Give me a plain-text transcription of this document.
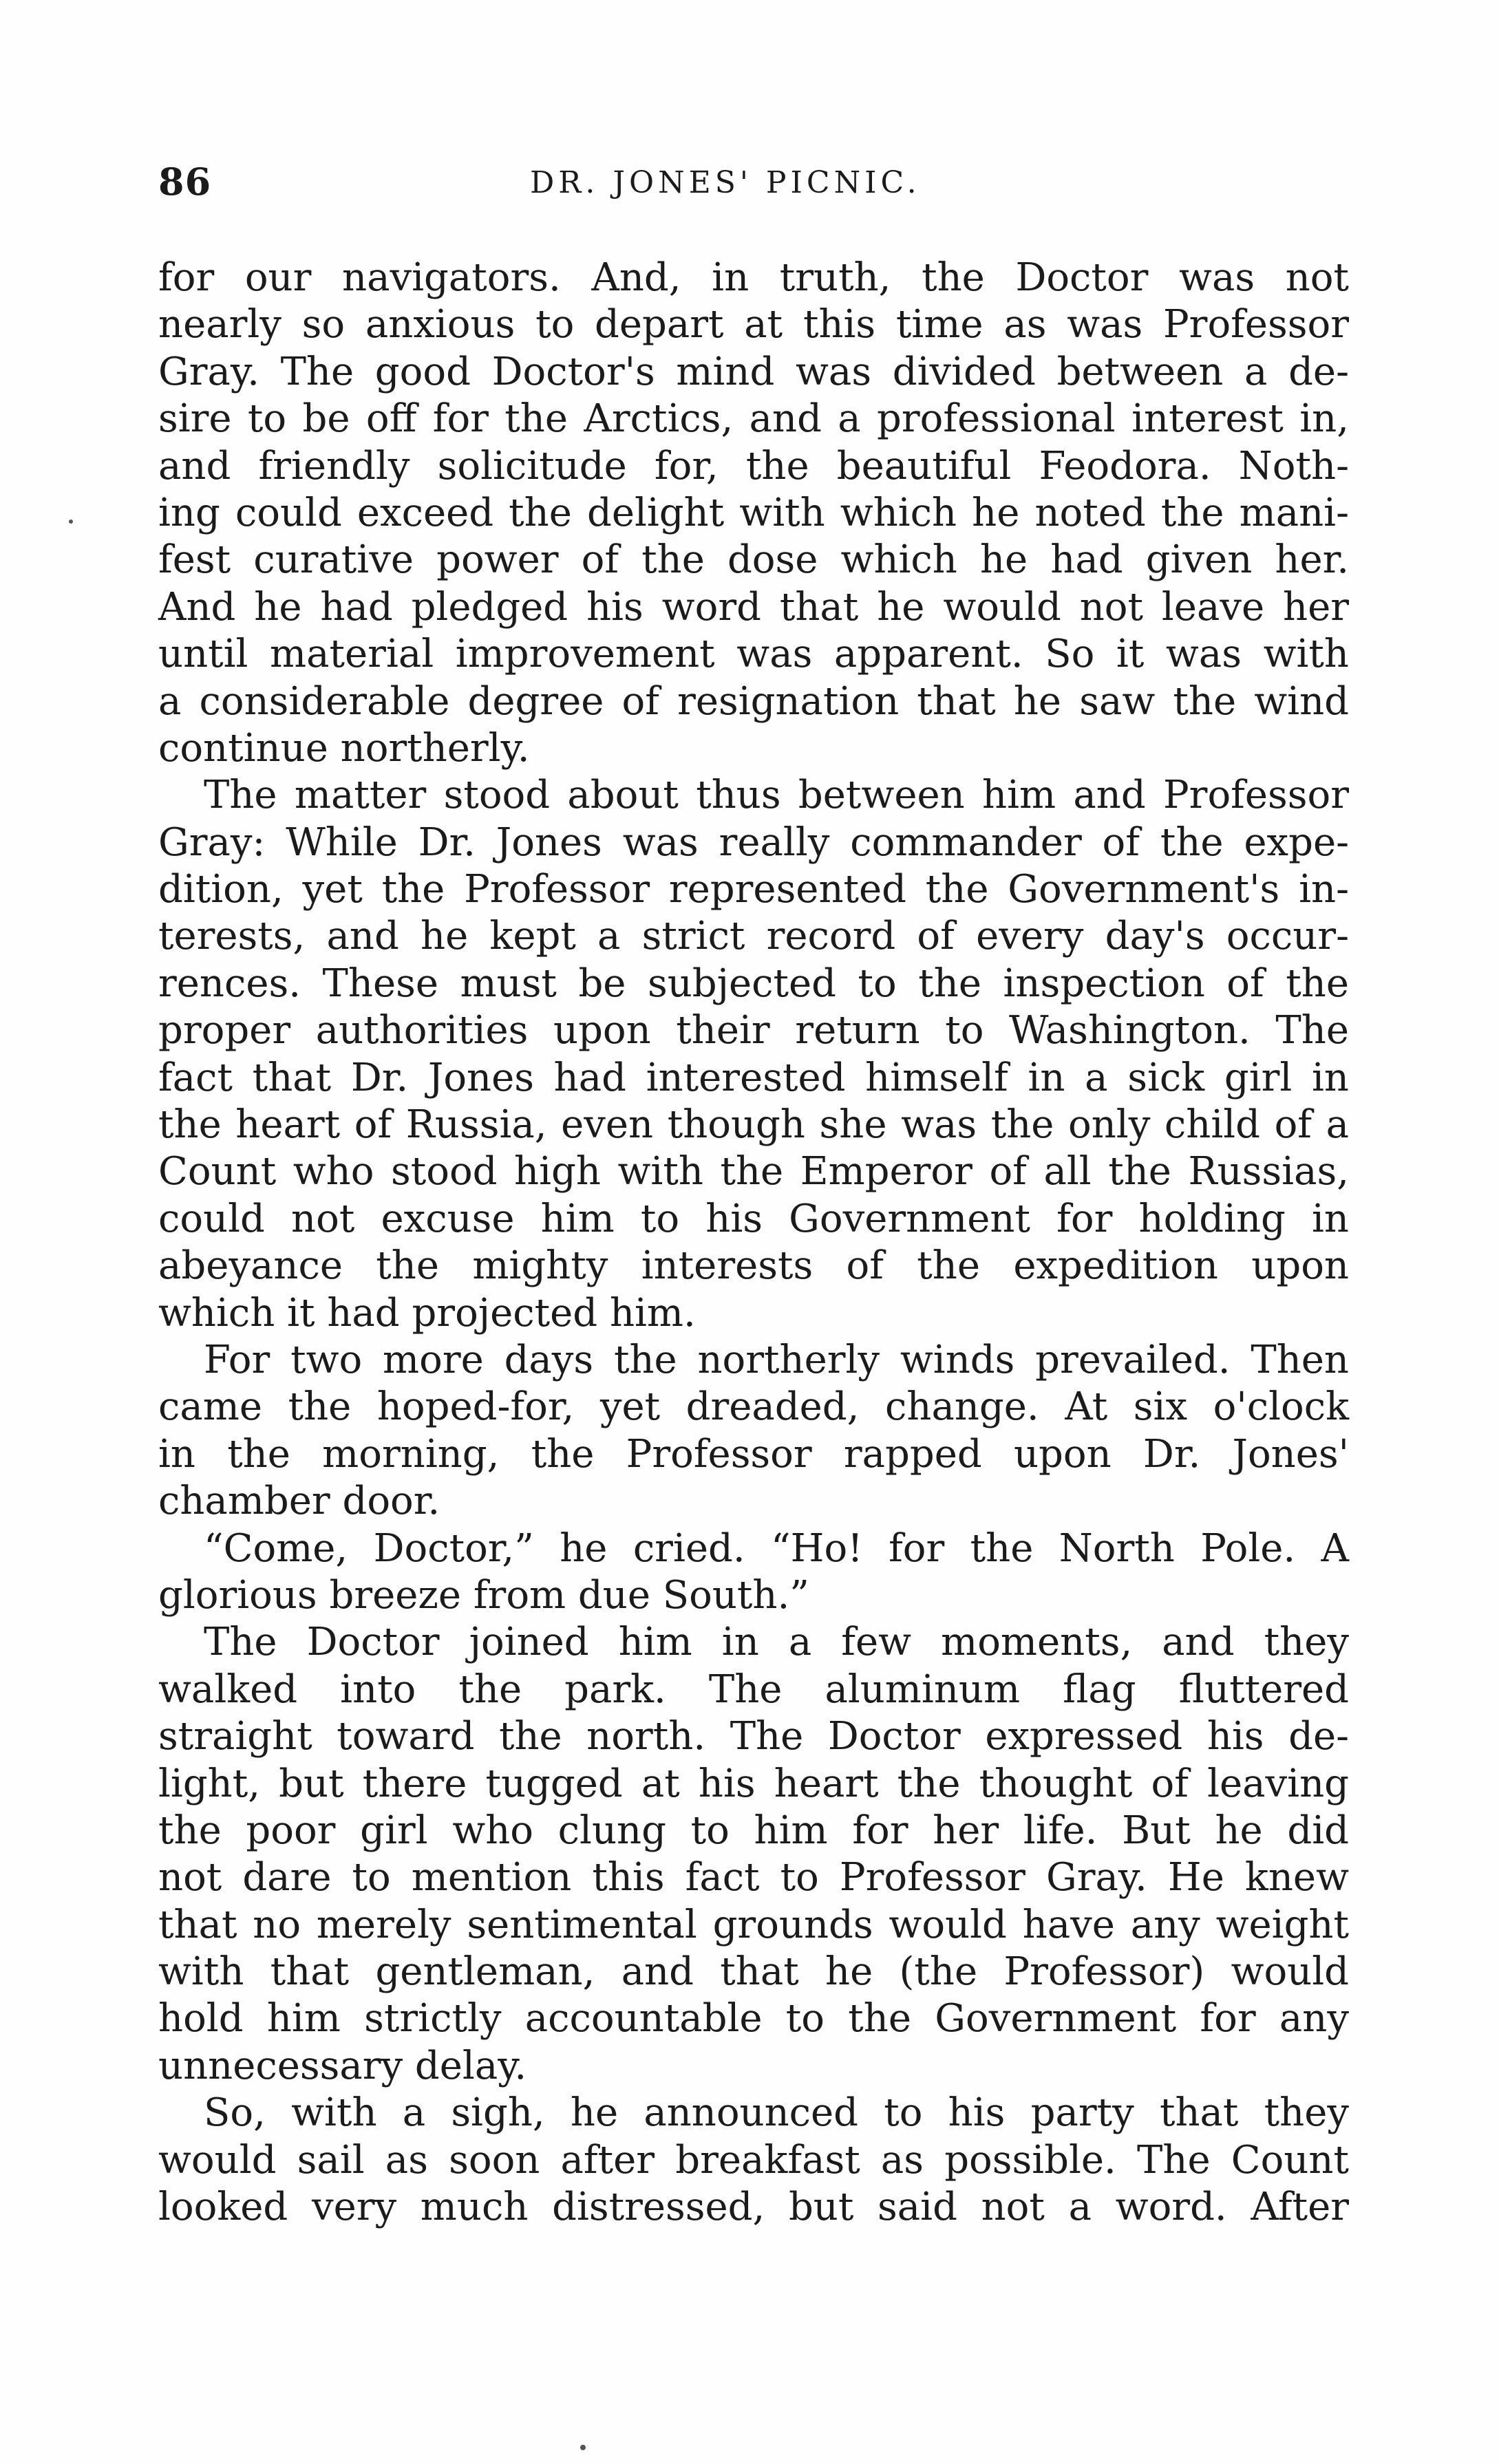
86	DR. JONES' PICNIC.
for our navigators. And, in truth, the Doctor was not
nearly so anxious to depart at this time as was Professor
Gray. The good Doctor's mind was divided between a de-
sire to be off for the Arctics, and a professional interest in,
and friendly solicitude for, the beautiful Feodora. Noth-
ing could exceed the delight with which he noted the mani-
fest curative power of the dose which he had given her.
And he had pledged his word that he would not leave her
until material improvement was apparent. So it was with
a considerable degree of resignation that he saw the wind
continue northerly.
The matter stood about thus between him and Professor
Gray: While Dr. Jones was really commander of the expe-
dition, yet the Professor represented the Government's in-
terests, and he kept a strict record of every day's occur-
rences. These must be subjected to the inspection of the
proper authorities upon their return to Washington. The
fact that Dr. Jones had interested himself in a sick girl in
the heart of Russia, even though she was the only child of a
Count who stood high with the Emperor of all the Russias,
could not excuse him to his Government for holding in
abeyance the mighty interests of the expedition upon
which it had projected him.
For two more days the northerly winds prevailed. Then
came the hoped-for, yet dreaded, change. At six o'clock
in the morning, the Professor rapped upon Dr. Jones'
chamber door.
“Come, Doctor,” he cried. “Ho! for the North Pole. A
glorious breeze from due South.”
The Doctor joined him in a few moments, and they
walked into the park. The aluminum flag fluttered
straight toward the north. The Doctor expressed his de-
light, but there tugged at his heart the thought of leaving
the poor girl who clung to him for her life. But he did
not dare to mention this fact to Professor Gray. He knew
that no merely sentimental grounds would have any weight
with that gentleman, and that he (the Professor) would
hold him strictly accountable to the Government for any
unnecessary delay.
So, with a sigh, he announced to his party that they
would sail as soon after breakfast as possible. The Count
looked very much distressed, but said not a word. After
